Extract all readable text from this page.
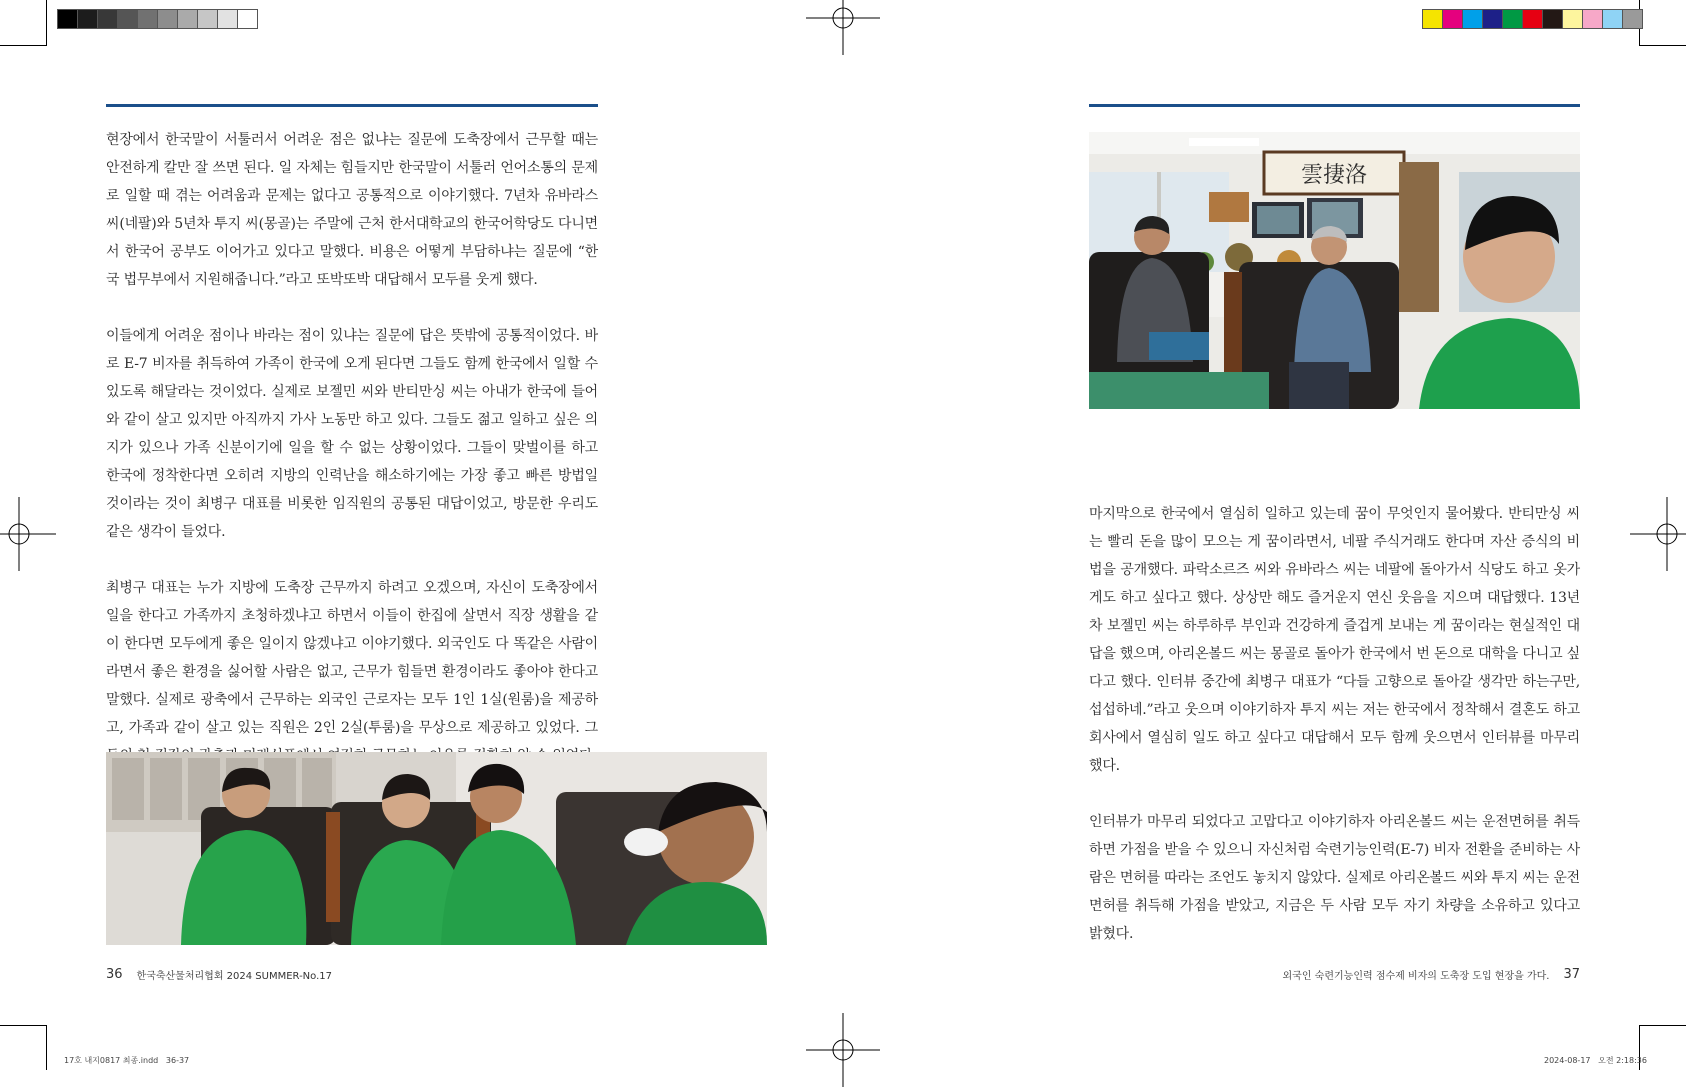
현장에서 한국말이 서툴러서 어려운 점은 없냐는 질문에 도축장에서 근무할 때는 안전하게 칼만 잘 쓰면 된다. 일 자체는 힘들지만 한국말이 서툴러 언어소통의 문제로 일할 때 겪는 어려움과 문제는 없다고 공통적으로 이야기했다. 7년차 유바라스 씨(네팔)와 5년차 투지 씨(몽골)는 주말에 근처 한서대학교의 한국어학당도 다니면서 한국어 공부도 이어가고 있다고 말했다. 비용은 어떻게 부담하냐는 질문에 “한국 법무부에서 지원해줍니다.”라고 또박또박 대답해서 모두를 웃게 했다.

이들에게 어려운 점이나 바라는 점이 있냐는 질문에 답은 뜻밖에 공통적이었다. 바로 E-7 비자를 취득하여 가족이 한국에 오게 된다면 그들도 함께 한국에서 일할 수 있도록 해달라는 것이었다. 실제로 보젤민 씨와 반티만싱 씨는 아내가 한국에 들어와 같이 살고 있지만 아직까지 가사 노동만 하고 있다. 그들도 젊고 일하고 싶은 의지가 있으나 가족 신분이기에 일을 할 수 없는 상황이었다. 그들이 맞벌이를 하고 한국에 정착한다면 오히려 지방의 인력난을 해소하기에는 가장 좋고 빠른 방법일 것이라는 것이 최병구 대표를 비롯한 임직원의 공통된 대답이었고, 방문한 우리도 같은 생각이 들었다.

최병구 대표는 누가 지방에 도축장 근무까지 하려고 오겠으며, 자신이 도축장에서 일을 한다고 가족까지 초청하겠냐고 하면서 이들이 한집에 살면서 직장 생활을 같이 한다면 모두에게 좋은 일이지 않겠냐고 이야기했다. 외국인도 다 똑같은 사람이라면서 좋은 환경을 싫어할 사람은 없고, 근무가 힘들면 환경이라도 좋아야 한다고 말했다. 실제로 광축에서 근무하는 외국인 근로자는 모두 1인 1실(원룸)을 제공하고, 가족과 같이 살고 있는 직원은 2인 2실(투룸)을 무상으로 제공하고 있었다. 그

雲捿洛

마지막으로 한국에서 열심히 일하고 있는데 꿈이 무엇인지 물어봤다. 반티만싱 씨는 빨리 돈을 많이 모으는 게 꿈이라면서, 네팔 주식거래도 한다며 자산 증식의 비법을 공개했다. 파락소르즈 씨와 유바라스 씨는 네팔에 돌아가서 식당도 하고 옷가게도 하고 싶다고 했다. 상상만 해도 즐거운지 연신 웃음을 지으며 대답했다. 13년차 보젤민 씨는 하루하루 부인과 건강하게 즐겁게 보내는 게 꿈이라는 현실적인 대답을 했으며, 아리온볼드 씨는 몽골로 돌아가 한국에서 번 돈으로 대학을 다니고 싶다고 했다. 인터뷰 중간에 최병구 대표가 “다들 고향으로 돌아갈 생각만 하는구만, 섭섭하네.”라고 웃으며 이야기하자 투지 씨는 저는 한국에서 정착해서 결혼도 하고 회사에서 열심히 일도 하고 싶다고 대답해서 모두 함께 웃으면서 인터뷰를 마무리했다.

인터뷰가 마무리 되었다고 고맙다고 이야기하자 아리온볼드 씨는 운전면허를 취득하면 가점을 받을 수 있으니 자신처럼 숙련기능인력(E-7) 비자 전환을 준비하는 사람은 면허를 따라는 조언도 놓치지 않았다. 실제로 아리온볼드 씨와 투지 씨는 운전면허를 취득해 가점을 받았고, 지금은 두 사람 모두 자기 차량을 소유하고 있다고 밝혔다.

36 한국축산물처리협회 2024 SUMMER-No.17	외국인 숙련기능인력 점수제 비자의 도축장 도입 현장을 가다. 37
17호 내지0817 최종.indd   36-37	2024-08-17   오전 2:18:36
